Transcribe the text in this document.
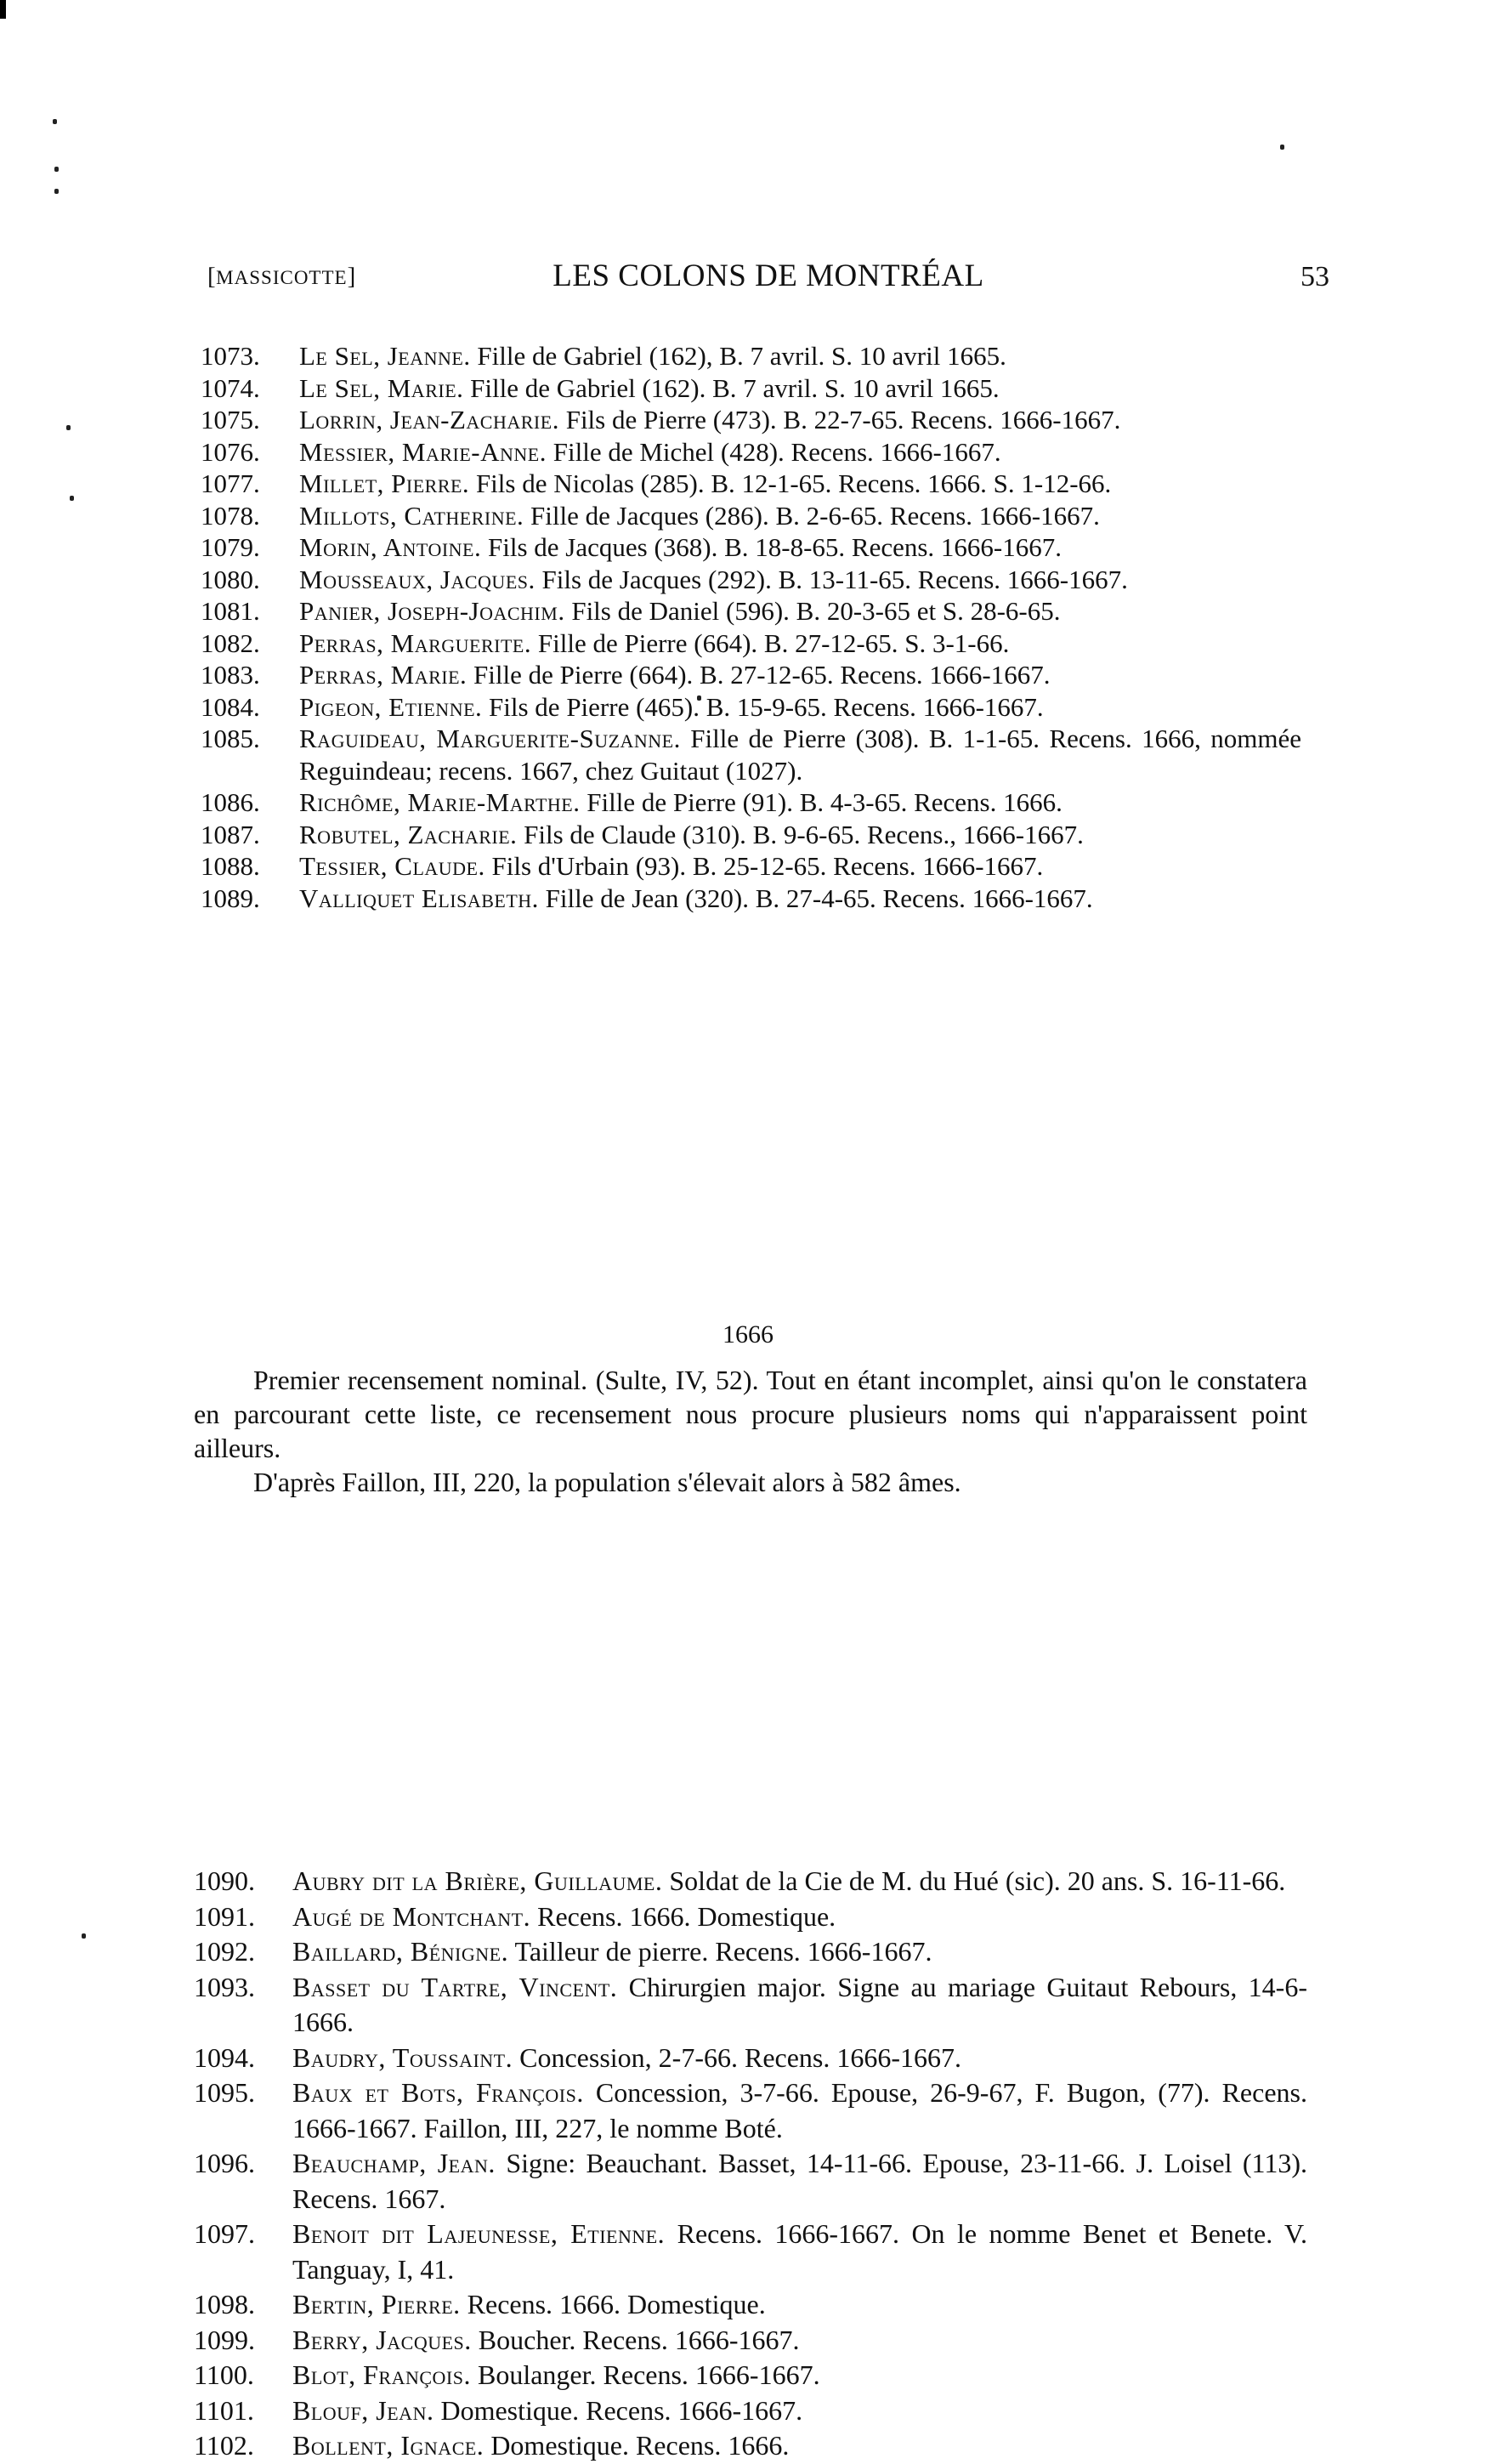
[MASSICOTTE]	LES COLONS DE MONTRÉAL	53
1073. Le Sel, Jeanne. Fille de Gabriel (162), B. 7 avril. S. 10 avril 1665.
1074. Le Sel, Marie. Fille de Gabriel (162). B. 7 avril. S. 10 avril 1665.
1075. Lorrin, Jean-Zacharie. Fils de Pierre (473). B. 22-7-65. Recens. 1666-1667.
1076. Messier, Marie-Anne. Fille de Michel (428). Recens. 1666-1667.
1077. Millet, Pierre. Fils de Nicolas (285). B. 12-1-65. Recens. 1666. S. 1-12-66.
1078. Millots, Catherine. Fille de Jacques (286). B. 2-6-65. Recens. 1666-1667.
1079. Morin, Antoine. Fils de Jacques (368). B. 18-8-65. Recens. 1666-1667.
1080. Mousseaux, Jacques. Fils de Jacques (292). B. 13-11-65. Recens. 1666-1667.
1081. Panier, Joseph-Joachim. Fils de Daniel (596). B. 20-3-65 et S. 28-6-65.
1082. Perras, Marguerite. Fille de Pierre (664). B. 27-12-65. S. 3-1-66.
1083. Perras, Marie. Fille de Pierre (664). B. 27-12-65. Recens. 1666-1667.
1084. Pigeon, Etienne. Fils de Pierre (465). B. 15-9-65. Recens. 1666-1667.
1085. Raguideau, Marguerite-Suzanne. Fille de Pierre (308). B. 1-1-65. Recens. 1666, nommée Reguindeau; recens. 1667, chez Guitaut (1027).
1086. Richôme, Marie-Marthe. Fille de Pierre (91). B. 4-3-65. Recens. 1666.
1087. Robutel, Zacharie. Fils de Claude (310). B. 9-6-65. Recens., 1666-1667.
1088. Tessier, Claude. Fils d'Urbain (93). B. 25-12-65. Recens. 1666-1667.
1089. Valliquet Elisabeth. Fille de Jean (320). B. 27-4-65. Recens. 1666-1667.
1666

Premier recensement nominal. (Sulte, IV, 52). Tout en étant incomplet, ainsi qu'on le constatera en parcourant cette liste, ce recensement nous procure plusieurs noms qui n'apparaissent point ailleurs.

D'après Faillon, III, 220, la population s'élevait alors à 582 âmes.

1090. Aubry dit la Brière, Guillaume. Soldat de la Cie de M. du Hué (sic). 20 ans. S. 16-11-66.
1091. Augé de Montchant. Recens. 1666. Domestique.
1092. Baillard, Bénigne. Tailleur de pierre. Recens. 1666-1667.
1093. Basset du Tartre, Vincent. Chirurgien major. Signe au mariage Guitaut Rebours, 14-6-1666.
1094. Baudry, Toussaint. Concession, 2-7-66. Recens. 1666-1667.
1095. Baux et Bots, François. Concession, 3-7-66. Epouse, 26-9-67, F. Bugon, (77). Recens. 1666-1667. Faillon, III, 227, le nomme Boté.
1096. Beauchamp, Jean. Signe: Beauchant. Basset, 14-11-66. Epouse, 23-11-66. J. Loisel (113). Recens. 1667.
1097. Benoit dit Lajeunesse, Etienne. Recens. 1666-1667. On le nomme Benet et Benete. V. Tanguay, I, 41.
1098. Bertin, Pierre. Recens. 1666. Domestique.
1099. Berry, Jacques. Boucher. Recens. 1666-1667.
1100. Blot, François. Boulanger. Recens. 1666-1667.
1101. Blouf, Jean. Domestique. Recens. 1666-1667.
1102. Bollent, Ignace. Domestique. Recens. 1666.
